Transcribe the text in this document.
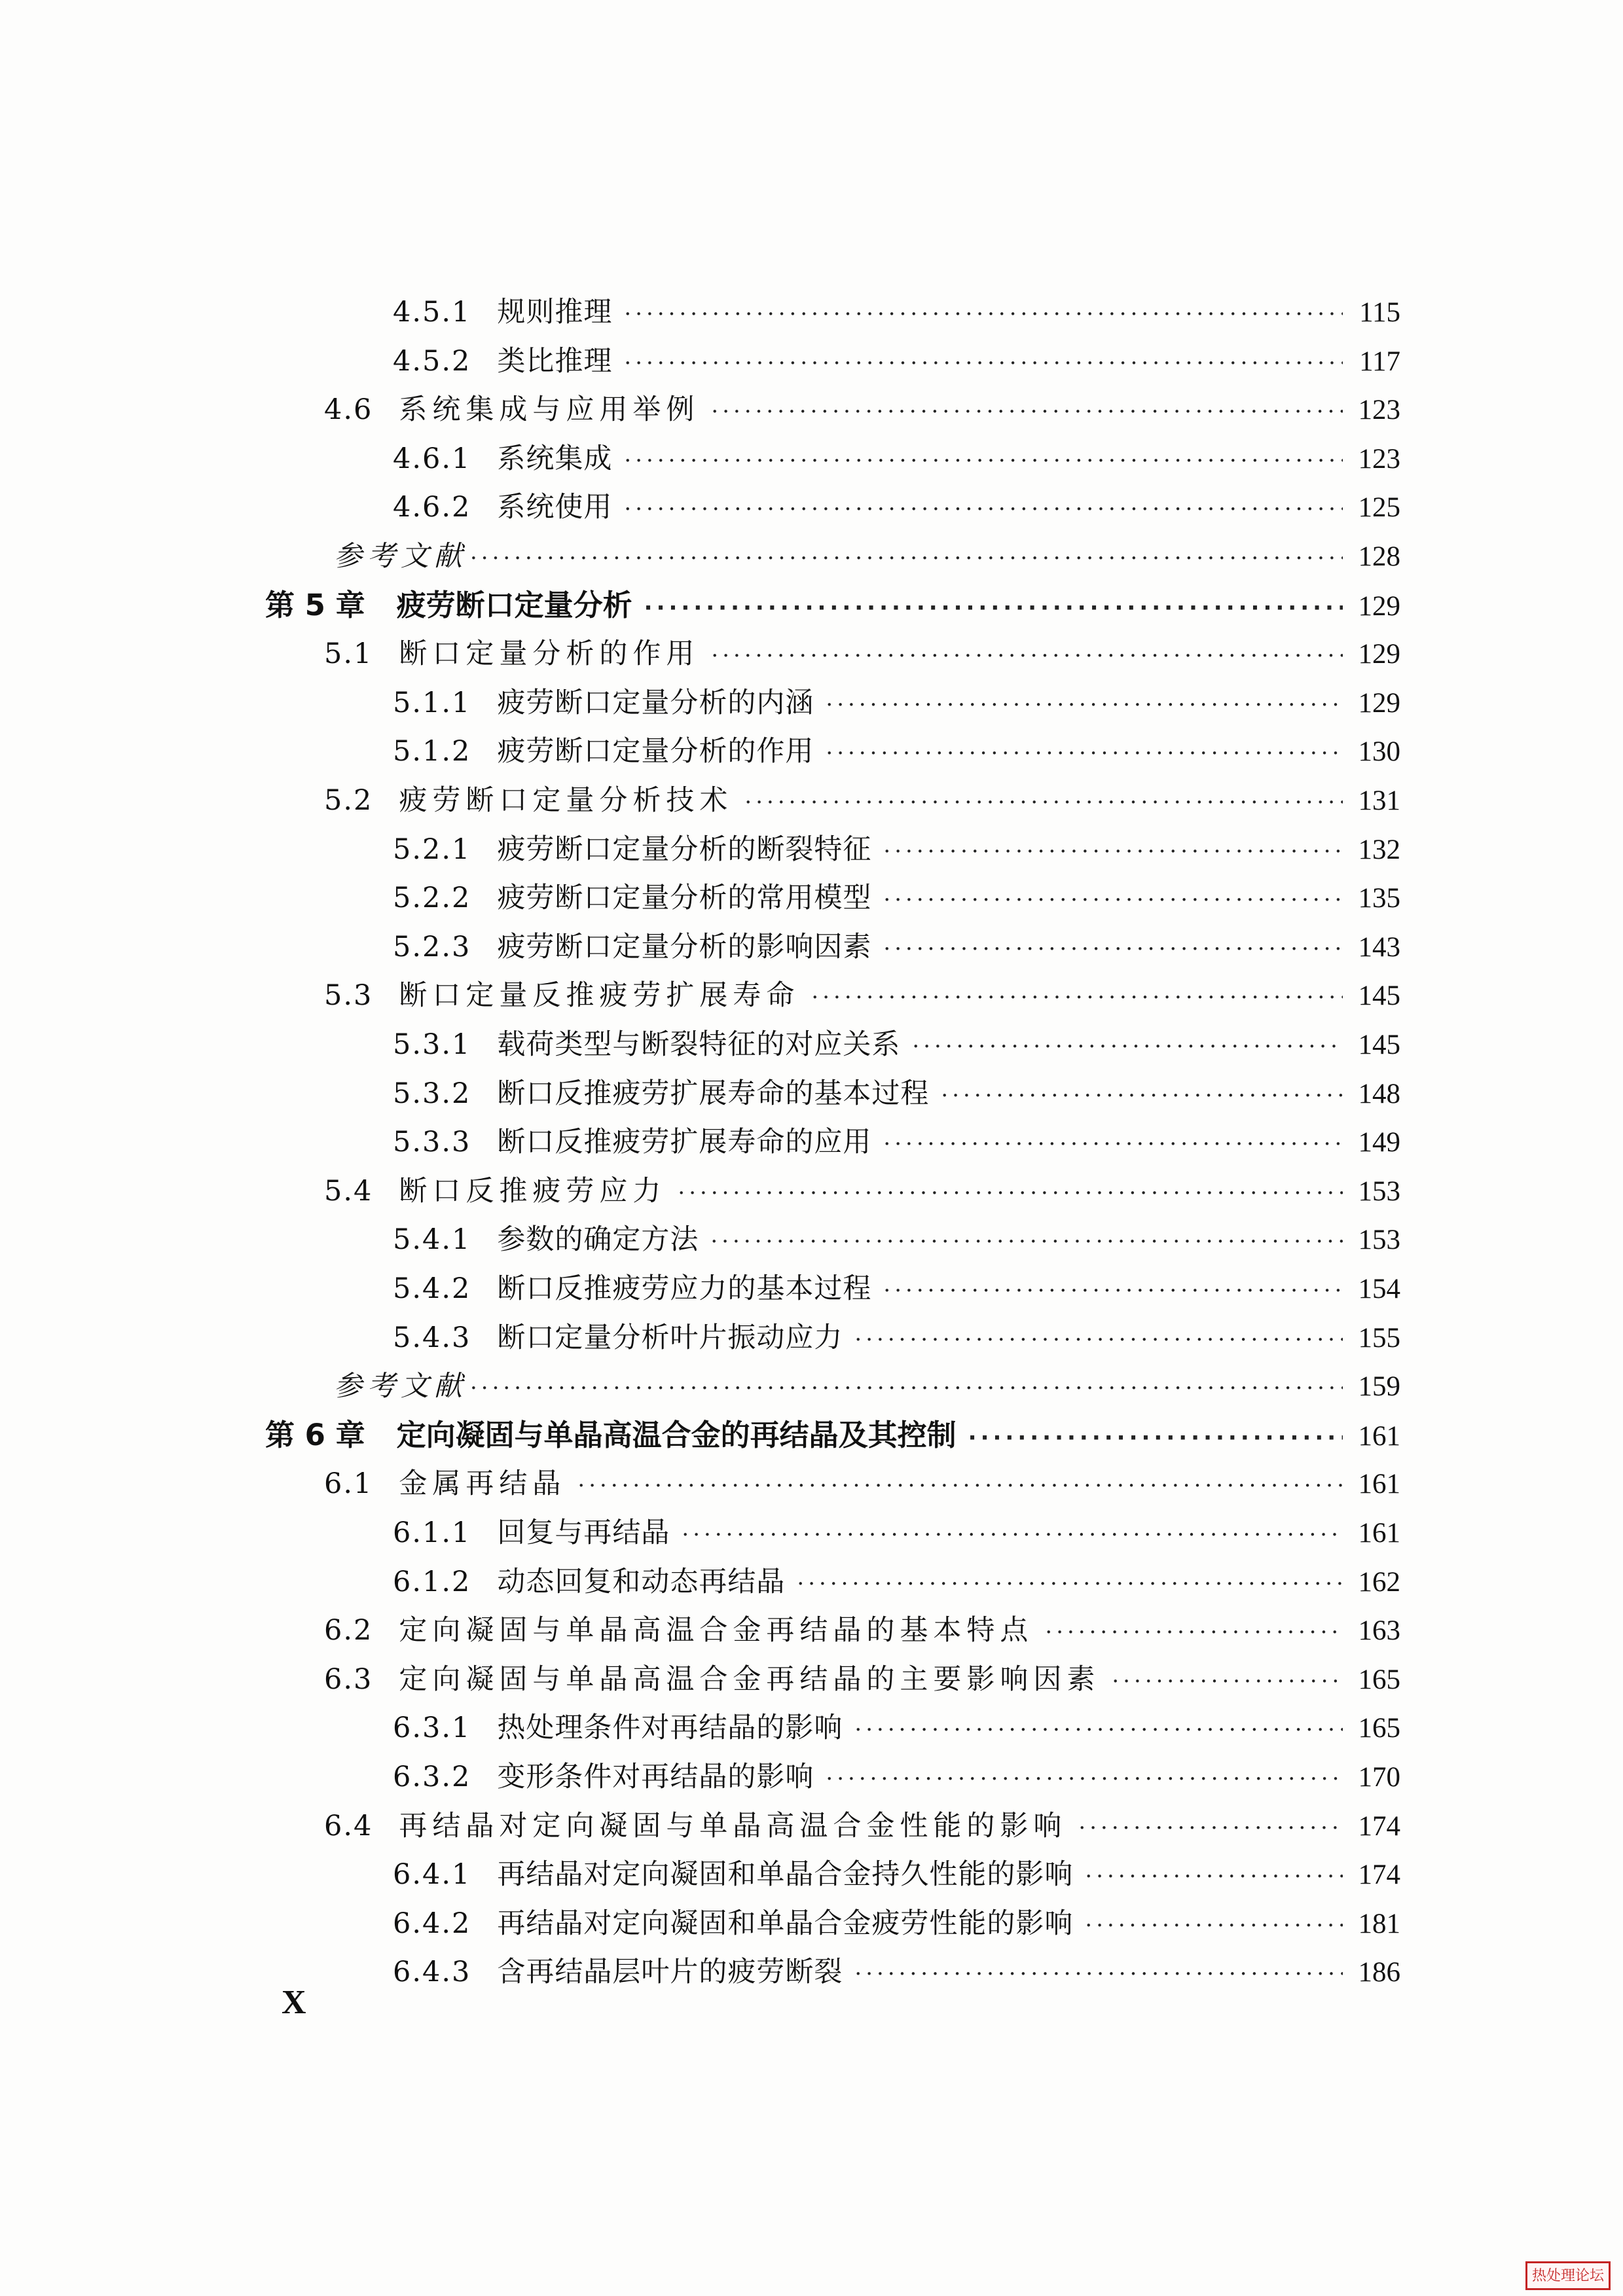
4.5.1 规则推理 ·····	115
4.5.2 类比推理 ·····	117
4.6 系统集成与应用举例 ·····	123
4.6.1 系统集成 ·····	123
4.6.2 系统使用 ·····	125
参考文献 ·····	128
第 5 章 疲劳断口定量分析 ·····	129
5.1 断口定量分析的作用 ·····	129
5.1.1 疲劳断口定量分析的内涵 ·····	129
5.1.2 疲劳断口定量分析的作用 ·····	130
5.2 疲劳断口定量分析技术 ·····	131
5.2.1 疲劳断口定量分析的断裂特征 ·····	132
5.2.2 疲劳断口定量分析的常用模型 ·····	135
5.2.3 疲劳断口定量分析的影响因素 ·····	143
5.3 断口定量反推疲劳扩展寿命 ·····	145
5.3.1 载荷类型与断裂特征的对应关系 ·····	145
5.3.2 断口反推疲劳扩展寿命的基本过程 ·····	148
5.3.3 断口反推疲劳扩展寿命的应用 ·····	149
5.4 断口反推疲劳应力 ·····	153
5.4.1 参数的确定方法 ·····	153
5.4.2 断口反推疲劳应力的基本过程 ·····	154
5.4.3 断口定量分析叶片振动应力 ·····	155
参考文献 ·····	159
第 6 章 定向凝固与单晶高温合金的再结晶及其控制 ·····	161
6.1 金属再结晶 ·····	161
6.1.1 回复与再结晶 ·····	161
6.1.2 动态回复和动态再结晶 ·····	162
6.2 定向凝固与单晶高温合金再结晶的基本特点 ·····	163
6.3 定向凝固与单晶高温合金再结晶的主要影响因素 ·····	165
6.3.1 热处理条件对再结晶的影响 ·····	165
6.3.2 变形条件对再结晶的影响 ·····	170
6.4 再结晶对定向凝固与单晶高温合金性能的影响 ·····	174
6.4.1 再结晶对定向凝固和单晶合金持久性能的影响 ·····	174
6.4.2 再结晶对定向凝固和单晶合金疲劳性能的影响 ·····	181
6.4.3 含再结晶层叶片的疲劳断裂 ·····	186
X
热处理论坛
